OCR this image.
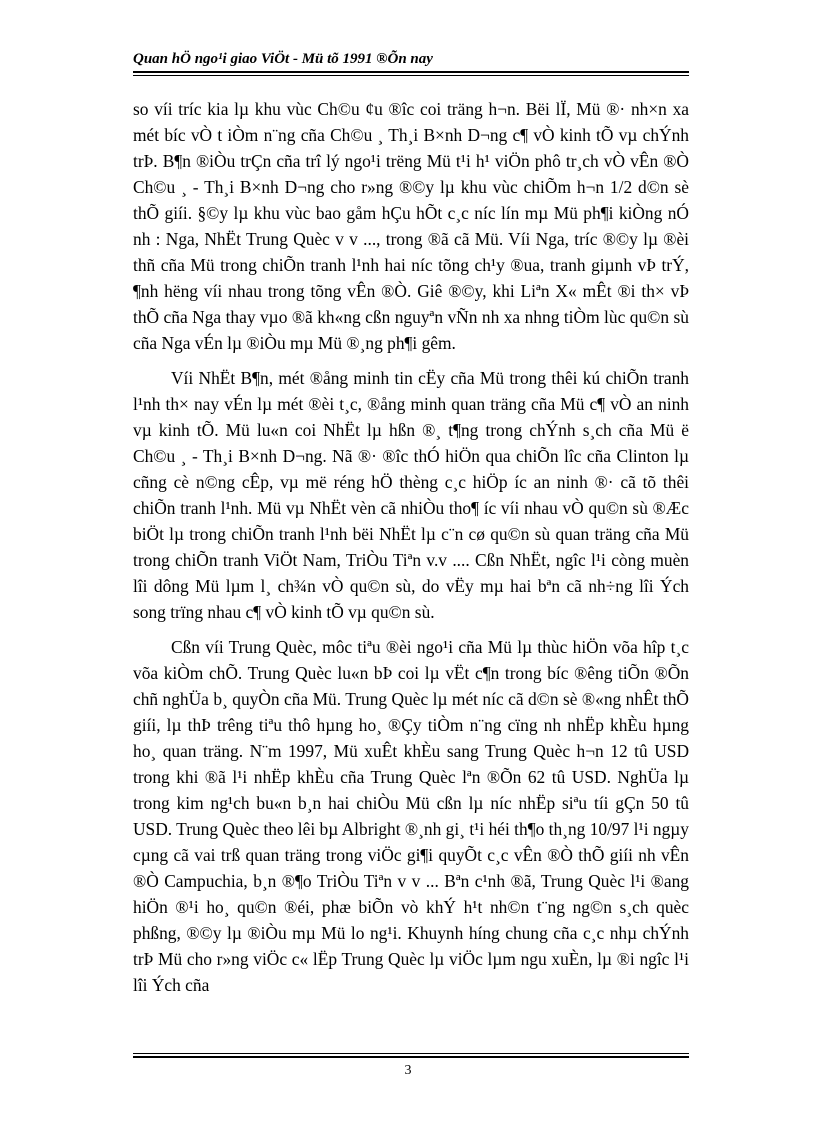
Quan hÖ ngo¹i giao ViÖt - Mü tõ 1991 ®Õn nay

so víi tríc kia lµ khu vùc Ch©u ¢u ®îc coi träng h¬n. Bëi lÏ, Mü ®· nh×n xa mét bíc vÒ t iÒm n¨ng cña Ch©u ¸ Th¸i B×nh D¬ng c¶ vÒ kinh tÕ vµ chÝnh trÞ. B¶n ®iÒu trÇn cña trî lý ngo¹i trëng Mü t¹i h¹ viÖn phô tr¸ch vÒ vÊn ®Ò Ch©u ¸ - Th¸i B×nh D¬ng cho r»ng ®©y lµ khu vùc chiÕm h¬n 1/2 d©n sè thÕ giíi. §©y lµ khu vùc bao gåm hÇu hÕt c¸c níc lín mµ Mü ph¶i kiÒng nÓ nh : Nga, NhËt Trung Quèc v v ..., trong ®ã cã Mü. Víi Nga, tríc ®©y lµ ®èi thñ cña Mü trong chiÕn tranh l¹nh hai níc tõng ch¹y ®ua, tranh giµnh vÞ trÝ, ¶nh hëng víi nhau trong tõng vÊn ®Ò. Giê ®©y, khi Liªn X« mÊt ®i th× vÞ thÕ cña Nga thay vµo ®ã kh«ng cßn nguyªn vÑn nh xa nhng tiÒm lùc qu©n sù cña Nga vÉn lµ ®iÒu mµ Mü ®¸ng ph¶i gêm.

Víi NhËt B¶n, mét ®ång minh tin cËy cña Mü trong thêi kú chiÕn tranh l¹nh th× nay vÉn lµ mét ®èi t¸c, ®ång minh quan träng cña Mü c¶ vÒ an ninh vµ kinh tÕ. Mü lu«n coi NhËt lµ hßn ®¸ t¶ng trong chÝnh s¸ch cña Mü ë Ch©u ¸ - Th¸i B×nh D¬ng. Nã ®· ®îc thÓ hiÖn qua chiÕn lîc cña Clinton lµ cñng cè n©ng cÊp, vµ më réng hÖ thèng c¸c hiÖp íc an ninh ®· cã tõ thêi chiÕn tranh l¹nh. Mü vµ NhËt vèn cã nhiÒu tho¶ íc víi nhau vÒ qu©n sù ®Æc biÖt lµ trong chiÕn tranh l¹nh bëi NhËt lµ c¨n cø qu©n sù quan träng cña Mü trong chiÕn tranh ViÖt Nam, TriÒu Tiªn v.v .... Cßn NhËt, ngîc l¹i còng muèn lîi dông Mü lµm l¸ ch¾n vÒ qu©n sù, do vËy mµ hai bªn cã nh÷ng lîi Ých song trïng nhau c¶ vÒ kinh tÕ vµ qu©n sù.

Cßn víi Trung Quèc, môc tiªu ®èi ngo¹i cña Mü lµ thùc hiÖn võa hîp t¸c võa kiÒm chÕ. Trung Quèc lu«n bÞ coi lµ vËt c¶n trong bíc ®êng tiÕn ®Õn chñ nghÜa b¸ quyÒn cña Mü. Trung Quèc lµ mét níc cã d©n sè ®«ng nhÊt thÕ giíi, lµ thÞ trêng tiªu thô hµng ho¸ ®Çy tiÒm n¨ng cïng nh nhËp khÈu hµng ho¸ quan träng. N¨m 1997, Mü xuÊt khÈu sang Trung Quèc h¬n 12 tû USD trong khi ®ã l¹i nhËp khÈu cña Trung Quèc lªn ®Õn 62 tû USD. NghÜa lµ trong kim ng¹ch bu«n b¸n hai chiÒu Mü cßn lµ níc nhËp siªu tíi gÇn 50 tû USD. Trung Quèc theo lêi bµ Albright ®¸nh gi¸ t¹i héi th¶o th¸ng 10/97 l¹i ngµy cµng cã vai trß quan träng trong viÖc gi¶i quyÕt c¸c vÊn ®Ò thÕ giíi nh vÊn ®Ò Campuchia, b¸n ®¶o TriÒu Tiªn v v ... Bªn c¹nh ®ã, Trung Quèc l¹i ®ang hiÖn ®¹i ho¸ qu©n ®éi, phæ biÕn vò khÝ h¹t nh©n t¨ng ng©n s¸ch quèc phßng, ®©y lµ ®iÒu mµ Mü lo ng¹i. Khuynh híng chung cña c¸c nhµ chÝnh trÞ Mü cho r»ng viÖc c« lËp Trung Quèc lµ viÖc lµm ngu xuÈn, lµ ®i ngîc l¹i lîi Ých cña

3
